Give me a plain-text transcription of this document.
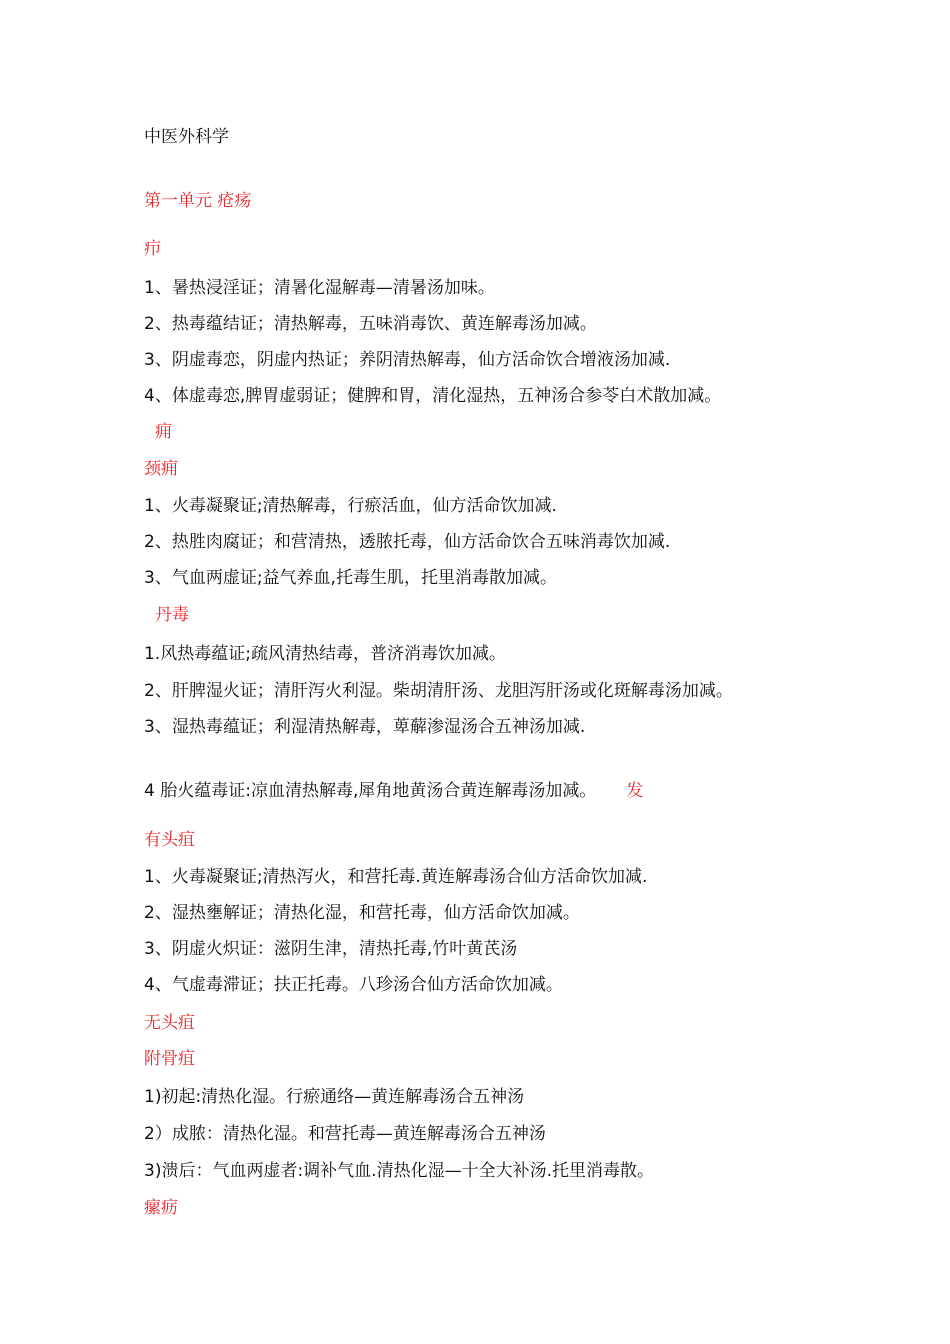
中医外科学
第一单元 疮疡
疖
1、暑热浸淫证；清暑化湿解毒—清暑汤加味。
2、热毒蕴结证；清热解毒，五味消毒饮、黄连解毒汤加减。
3、阴虚毒恋，阴虚内热证；养阴清热解毒，仙方活命饮合增液汤加减.
4、体虚毒恋,脾胃虚弱证；健脾和胃，清化湿热，五神汤合参苓白术散加减。
痈
颈痈
1、火毒凝聚证;清热解毒，行瘀活血，仙方活命饮加减.
2、热胜肉腐证；和营清热，透脓托毒，仙方活命饮合五味消毒饮加减.
3、气血两虚证;益气养血,托毒生肌，托里消毒散加减。
丹毒
1.风热毒蕴证;疏风清热结毒，普济消毒饮加减。
2、肝脾湿火证；清肝泻火利湿。柴胡清肝汤、龙胆泻肝汤或化斑解毒汤加减。
3、湿热毒蕴证；利湿清热解毒，萆薢渗湿汤合五神汤加减.
4 胎火蕴毒证:凉血清热解毒,犀角地黄汤合黄连解毒汤加减。 发
有头疽
1、火毒凝聚证;清热泻火，和营托毒.黄连解毒汤合仙方活命饮加减.
2、湿热壅解证；清热化湿，和营托毒，仙方活命饮加减。
3、阴虚火炽证：滋阴生津，清热托毒,竹叶黄芪汤
4、气虚毒滞证；扶正托毒。八珍汤合仙方活命饮加减。
无头疽
附骨疽
1)初起:清热化湿。行瘀通络—黄连解毒汤合五神汤
2）成脓：清热化湿。和营托毒—黄连解毒汤合五神汤
3)溃后：气血两虚者:调补气血.清热化湿—十全大补汤.托里消毒散。
瘰疬
